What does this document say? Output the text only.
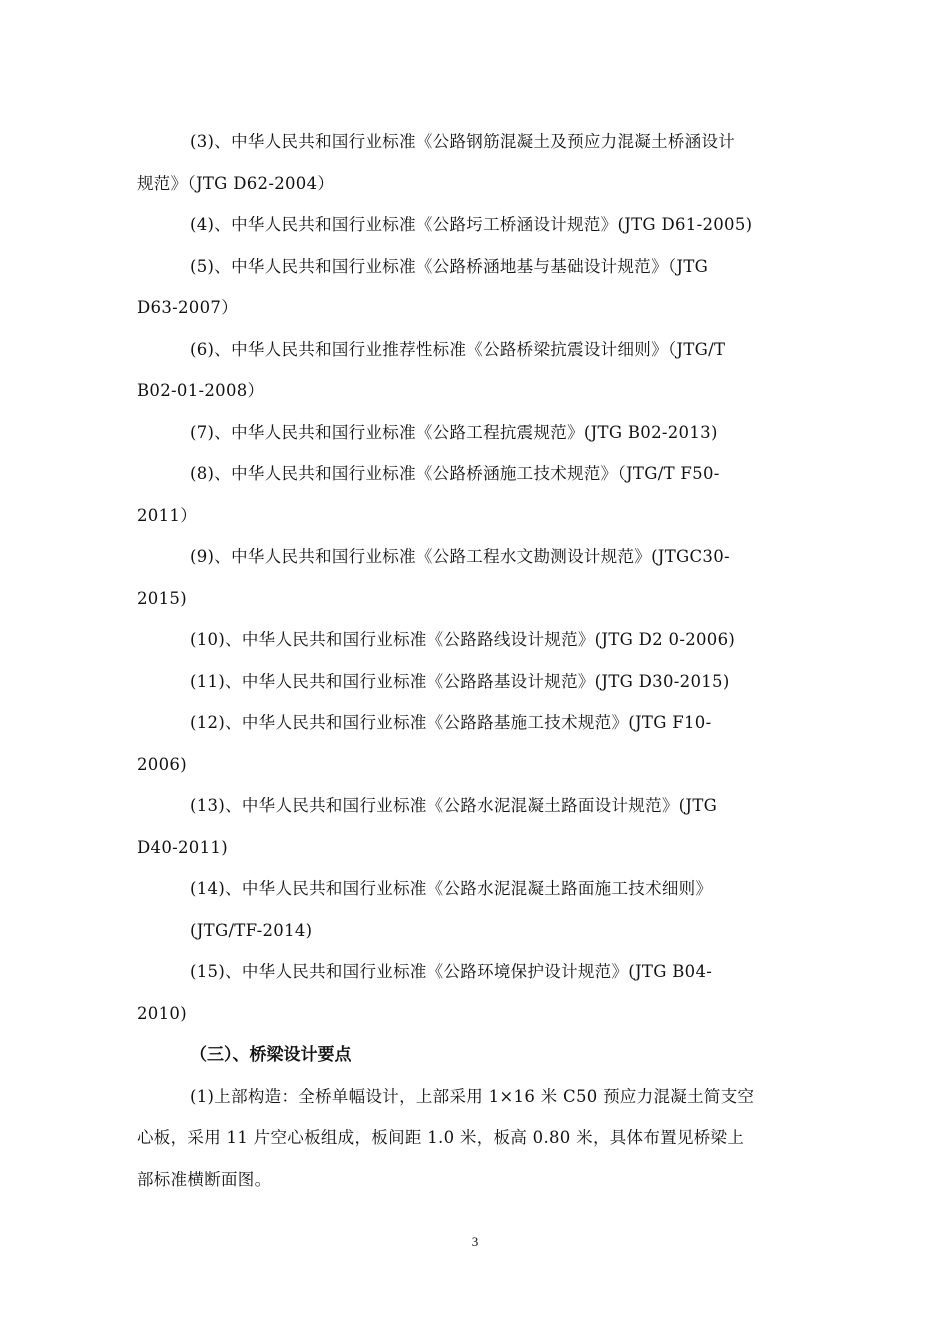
(3)、中华人民共和国行业标准《公路钢筋混凝土及预应力混凝土桥涵设计
规范》（JTG D62-2004）
(4)、中华人民共和国行业标准《公路圬工桥涵设计规范》(JTG D61-2005)
(5)、中华人民共和国行业标准《公路桥涵地基与基础设计规范》（JTG
D63-2007）
(6)、中华人民共和国行业推荐性标准《公路桥梁抗震设计细则》（JTG/T
B02-01-2008）
(7)、中华人民共和国行业标准《公路工程抗震规范》(JTG B02-2013)
(8)、中华人民共和国行业标准《公路桥涵施工技术规范》（JTG/T F50-
2011）
(9)、中华人民共和国行业标准《公路工程水文勘测设计规范》(JTGC30-
2015)
(10)、中华人民共和国行业标准《公路路线设计规范》(JTG D2 0-2006)
(11)、中华人民共和国行业标准《公路路基设计规范》(JTG D30-2015)
(12)、中华人民共和国行业标准《公路路基施工技术规范》(JTG F10-
2006)
(13)、中华人民共和国行业标准《公路水泥混凝土路面设计规范》(JTG
D40-2011)
(14)、中华人民共和国行业标准《公路水泥混凝土路面施工技术细则》
(JTG/TF-2014)
(15)、中华人民共和国行业标准《公路环境保护设计规范》(JTG B04-
2010)
（三）、桥梁设计要点
(1)上部构造：全桥单幅设计，上部采用 1×16 米 C50 预应力混凝土简支空
心板，采用 11 片空心板组成，板间距 1.0 米，板高 0.80 米，具体布置见桥梁上
部标准横断面图。
3
